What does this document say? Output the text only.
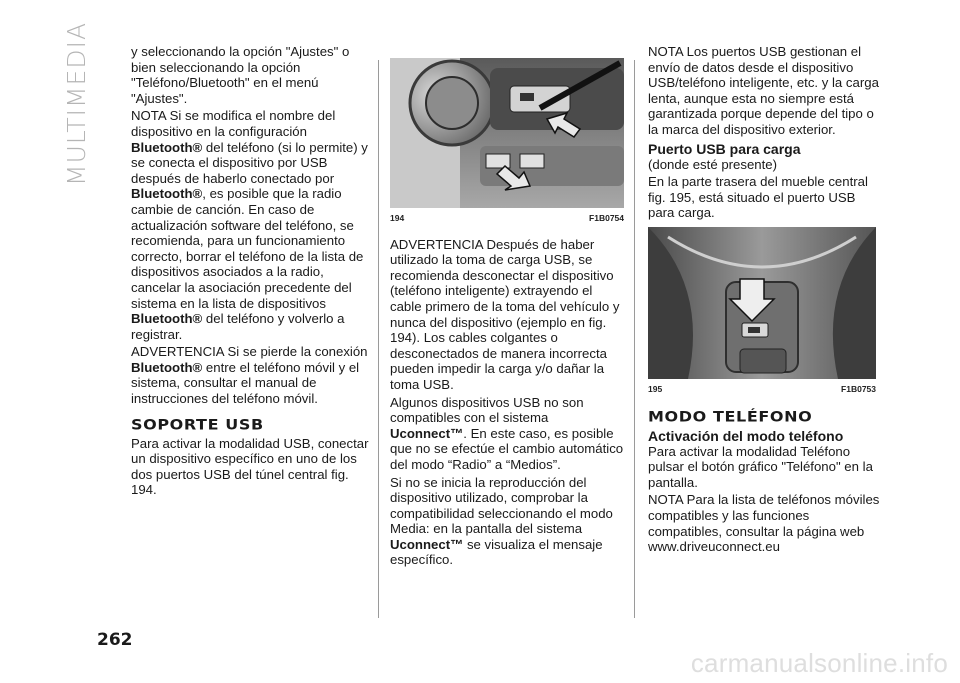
MULTIMEDIA	y seleccionando la opción "Ajustes" o bien seleccionando la opción "Teléfono/Bluetooth" en el menú "Ajustes".

NOTA Si se modifica el nombre del dispositivo en la configuración Bluetooth® del teléfono (si lo permite) y se conecta el dispositivo por USB después de haberlo conectado por Bluetooth®, es posible que la radio cambie de canción. En caso de actualización software del teléfono, se recomienda, para un funcionamiento correcto, borrar el teléfono de la lista de dispositivos asociados a la radio, cancelar la asociación precedente del sistema en la lista de dispositivos Bluetooth® del teléfono y volverlo a registrar.

ADVERTENCIA Si se pierde la conexión Bluetooth® entre el teléfono móvil y el sistema, consultar el manual de instrucciones del teléfono móvil.

SOPORTE USB

Para activar la modalidad USB, conectar un dispositivo específico en uno de los dos puertos USB del túnel central fig. 194.

194	F1B0754

ADVERTENCIA Después de haber utilizado la toma de carga USB, se recomienda desconectar el dispositivo (teléfono inteligente) extrayendo el cable primero de la toma del vehículo y nunca del dispositivo (ejemplo en fig. 194). Los cables colgantes o desconectados de manera incorrecta pueden impedir la carga y/o dañar la toma USB.

Algunos dispositivos USB no son compatibles con el sistema Uconnect™. En este caso, es posible que no se efectúe el cambio automático del modo “Radio” a “Medios”.

Si no se inicia la reproducción del dispositivo utilizado, comprobar la compatibilidad seleccionando el modo Media: en la pantalla del sistema Uconnect™ se visualiza el mensaje específico.

NOTA Los puertos USB gestionan el envío de datos desde el dispositivo USB/teléfono inteligente, etc. y la carga lenta, aunque esta no siempre está garantizada porque depende del tipo o la marca del dispositivo exterior.

Puerto USB para carga

(donde esté presente)

En la parte trasera del mueble central fig. 195, está situado el puerto USB para carga.

195	F1B0753
MODO TELÉFONO
Activación del modo teléfono

Para activar la modalidad Teléfono pulsar el botón gráfico "Teléfono" en la pantalla.

NOTA Para la lista de teléfonos móviles compatibles y las funciones compatibles, consultar la página web www.driveuconnect.eu

262
carmanualsonline.info
